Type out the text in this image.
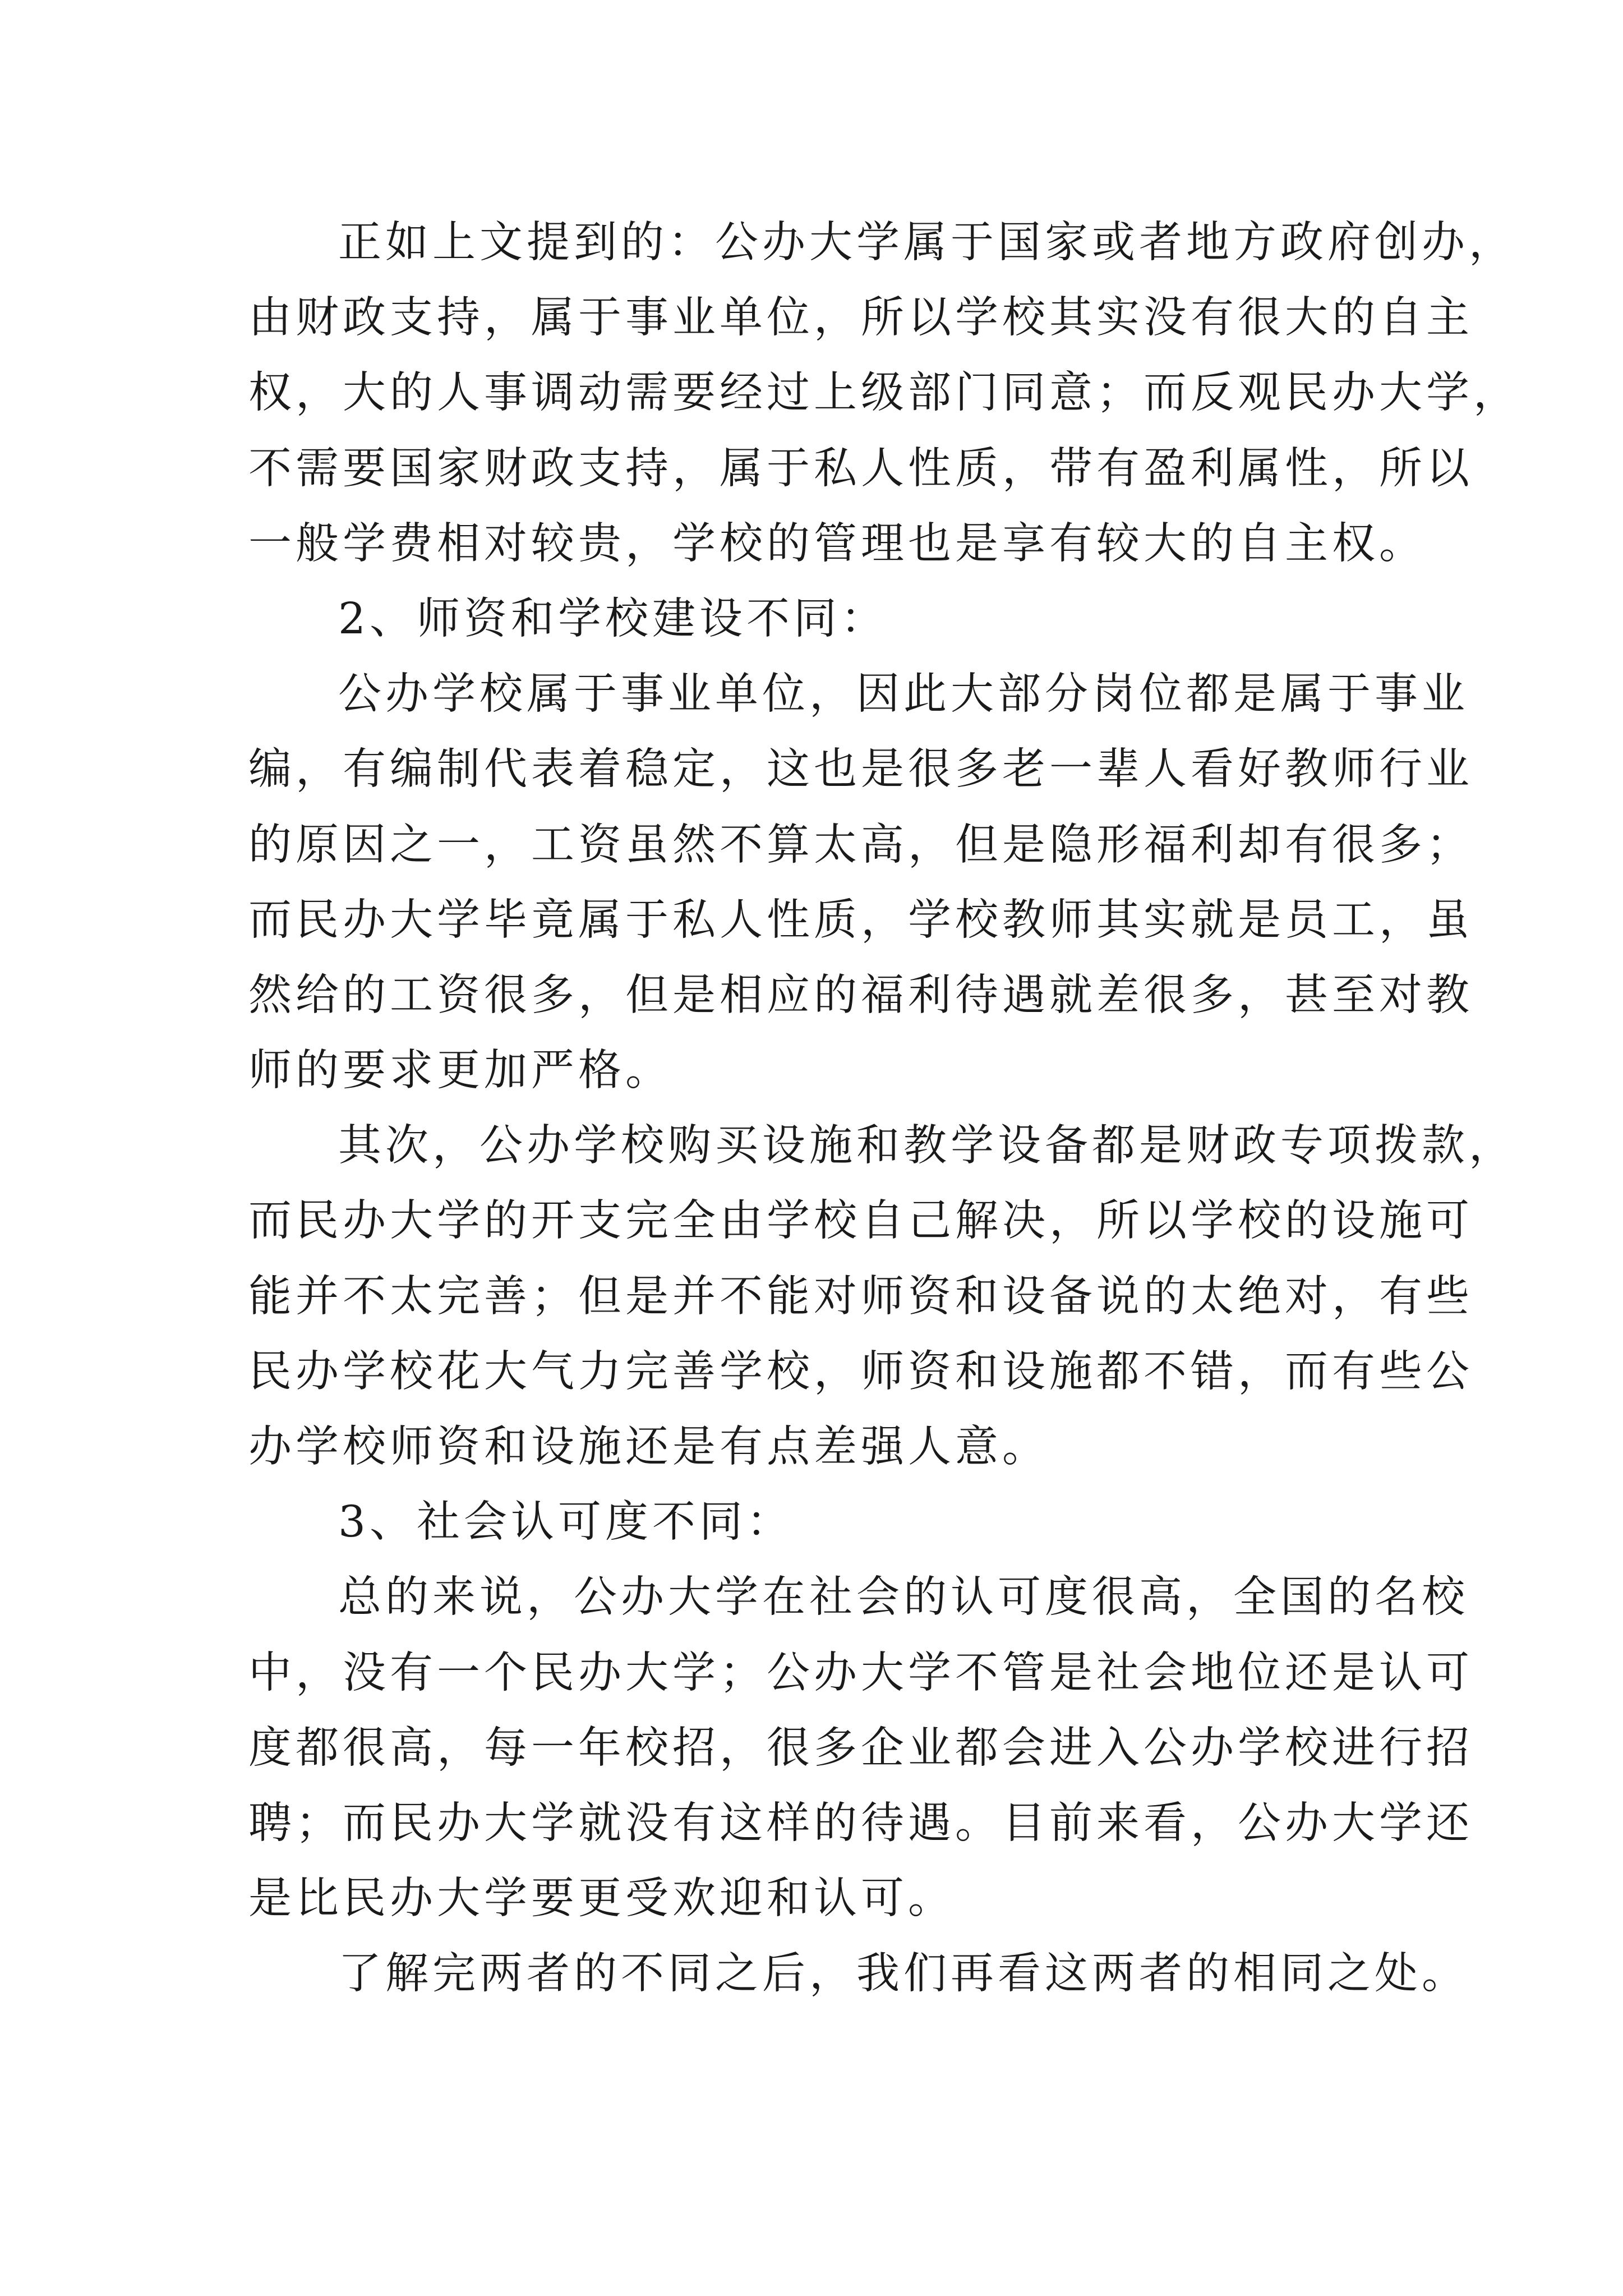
正如上文提到的：公办大学属于国家或者地方政府创办，
由财政支持，属于事业单位，所以学校其实没有很大的自主
权，大的人事调动需要经过上级部门同意；而反观民办大学，
不需要国家财政支持，属于私人性质，带有盈利属性，所以
一般学费相对较贵，学校的管理也是享有较大的自主权。
2、师资和学校建设不同：
公办学校属于事业单位，因此大部分岗位都是属于事业
编，有编制代表着稳定，这也是很多老一辈人看好教师行业
的原因之一，工资虽然不算太高，但是隐形福利却有很多；
而民办大学毕竟属于私人性质，学校教师其实就是员工，虽
然给的工资很多，但是相应的福利待遇就差很多，甚至对教
师的要求更加严格。
其次，公办学校购买设施和教学设备都是财政专项拨款，
而民办大学的开支完全由学校自己解决，所以学校的设施可
能并不太完善；但是并不能对师资和设备说的太绝对，有些
民办学校花大气力完善学校，师资和设施都不错，而有些公
办学校师资和设施还是有点差强人意。
3、社会认可度不同：
总的来说，公办大学在社会的认可度很高，全国的名校
中，没有一个民办大学；公办大学不管是社会地位还是认可
度都很高，每一年校招，很多企业都会进入公办学校进行招
聘；而民办大学就没有这样的待遇。目前来看，公办大学还
是比民办大学要更受欢迎和认可。
了解完两者的不同之后，我们再看这两者的相同之处。
